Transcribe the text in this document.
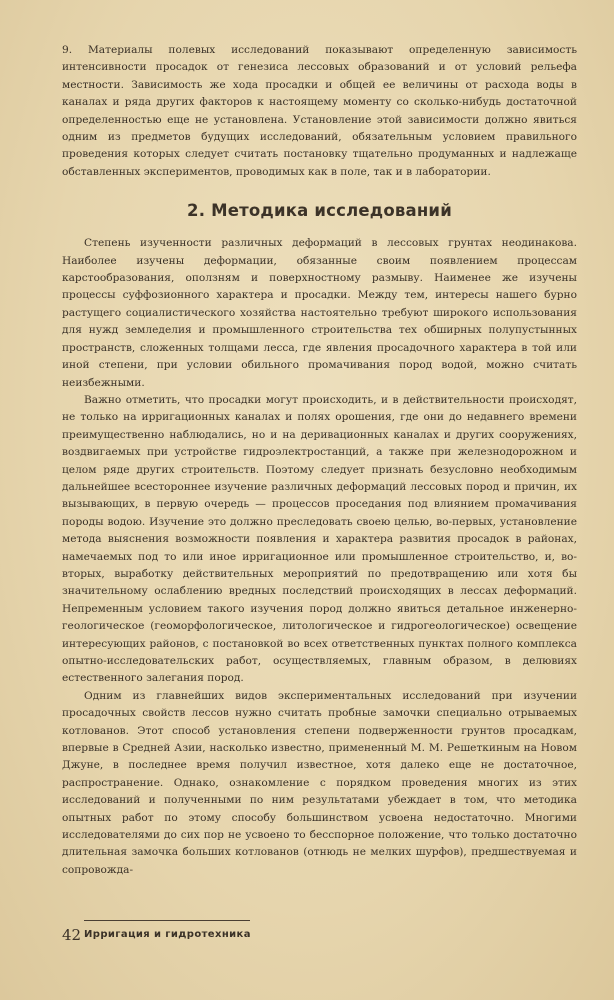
9. Материалы полевых исследований показывают определенную зависимость интенсивности просадок от генезиса лессовых образований и от условий рельефа местности. Зависимость же хода просадки и общей ее величины от расхода воды в каналах и ряда других факторов к настоящему моменту со сколько-нибудь достаточной определенностью еще не установлена. Установление этой зависимости должно явиться одним из предметов будущих исследований, обязательным условием правильного проведения которых следует считать постановку тщательно продуманных и надлежаще обставленных экспериментов, проводимых как в поле, так и в лаборатории.

2. Методика исследований

Степень изученности различных деформаций в лессовых грунтах неодинакова. Наиболее изучены деформации, обязанные своим появлением процессам карстообразования, оползням и поверхностному размыву. Наименее же изучены процессы суффозионного характера и просадки. Между тем, интересы нашего бурно растущего социалистического хозяйства настоятельно требуют широкого использования для нужд земледелия и промышленного строительства тех обширных полупустынных пространств, сложенных толщами лесса, где явления просадочного характера в той или иной степени, при условии обильного промачивания пород водой, можно считать неизбежными.

Важно отметить, что просадки могут происходить, и в действительности происходят, не только на ирригационных каналах и полях орошения, где они до недавнего времени преимущественно наблюдались, но и на деривационных каналах и других сооружениях, воздвигаемых при устройстве гидроэлектростанций, а также при железнодорожном и целом ряде других строительств. Поэтому следует признать безусловно необходимым дальнейшее всестороннее изучение различных деформаций лессовых пород и причин, их вызывающих, в первую очередь — процессов проседания под влиянием промачивания породы водою. Изучение это должно преследовать своею целью, во-первых, установление метода выяснения возможности появления и характера развития просадок в районах, намечаемых под то или иное ирригационное или промышленное строительство, и, во-вторых, выработку действительных мероприятий по предотвращению или хотя бы значительному ослаблению вредных последствий происходящих в лессах деформаций. Непременным условием такого изучения пород должно явиться детальное инженерно-геологическое (геоморфологическое, литологическое и гидрогеологическое) освещение интересующих районов, с постановкой во всех ответственных пунктах полного комплекса опытно-исследовательских работ, осуществляемых, главным образом, в делювиях естественного залегания пород.

Одним из главнейших видов экспериментальных исследований при изучении просадочных свойств лессов нужно считать пробные замочки специально отрываемых котлованов. Этот способ установления степени подверженности грунтов просадкам, впервые в Средней Азии, насколько известно, примененный М. М. Решеткиным на Новом Джуне, в последнее время получил известное, хотя далеко еще не достаточное, распространение. Однако, ознакомление с порядком проведения многих из этих исследований и полученными по ним результатами убеждает в том, что методика опытных работ по этому способу большинством усвоена недостаточно. Многими исследователями до сих пор не усвоено то бесспорное положение, что только достаточно длительная замочка больших котлованов (отнюдь не мелких шурфов), предшествуемая и сопровожда-

42 Ирригация и гидротехника
